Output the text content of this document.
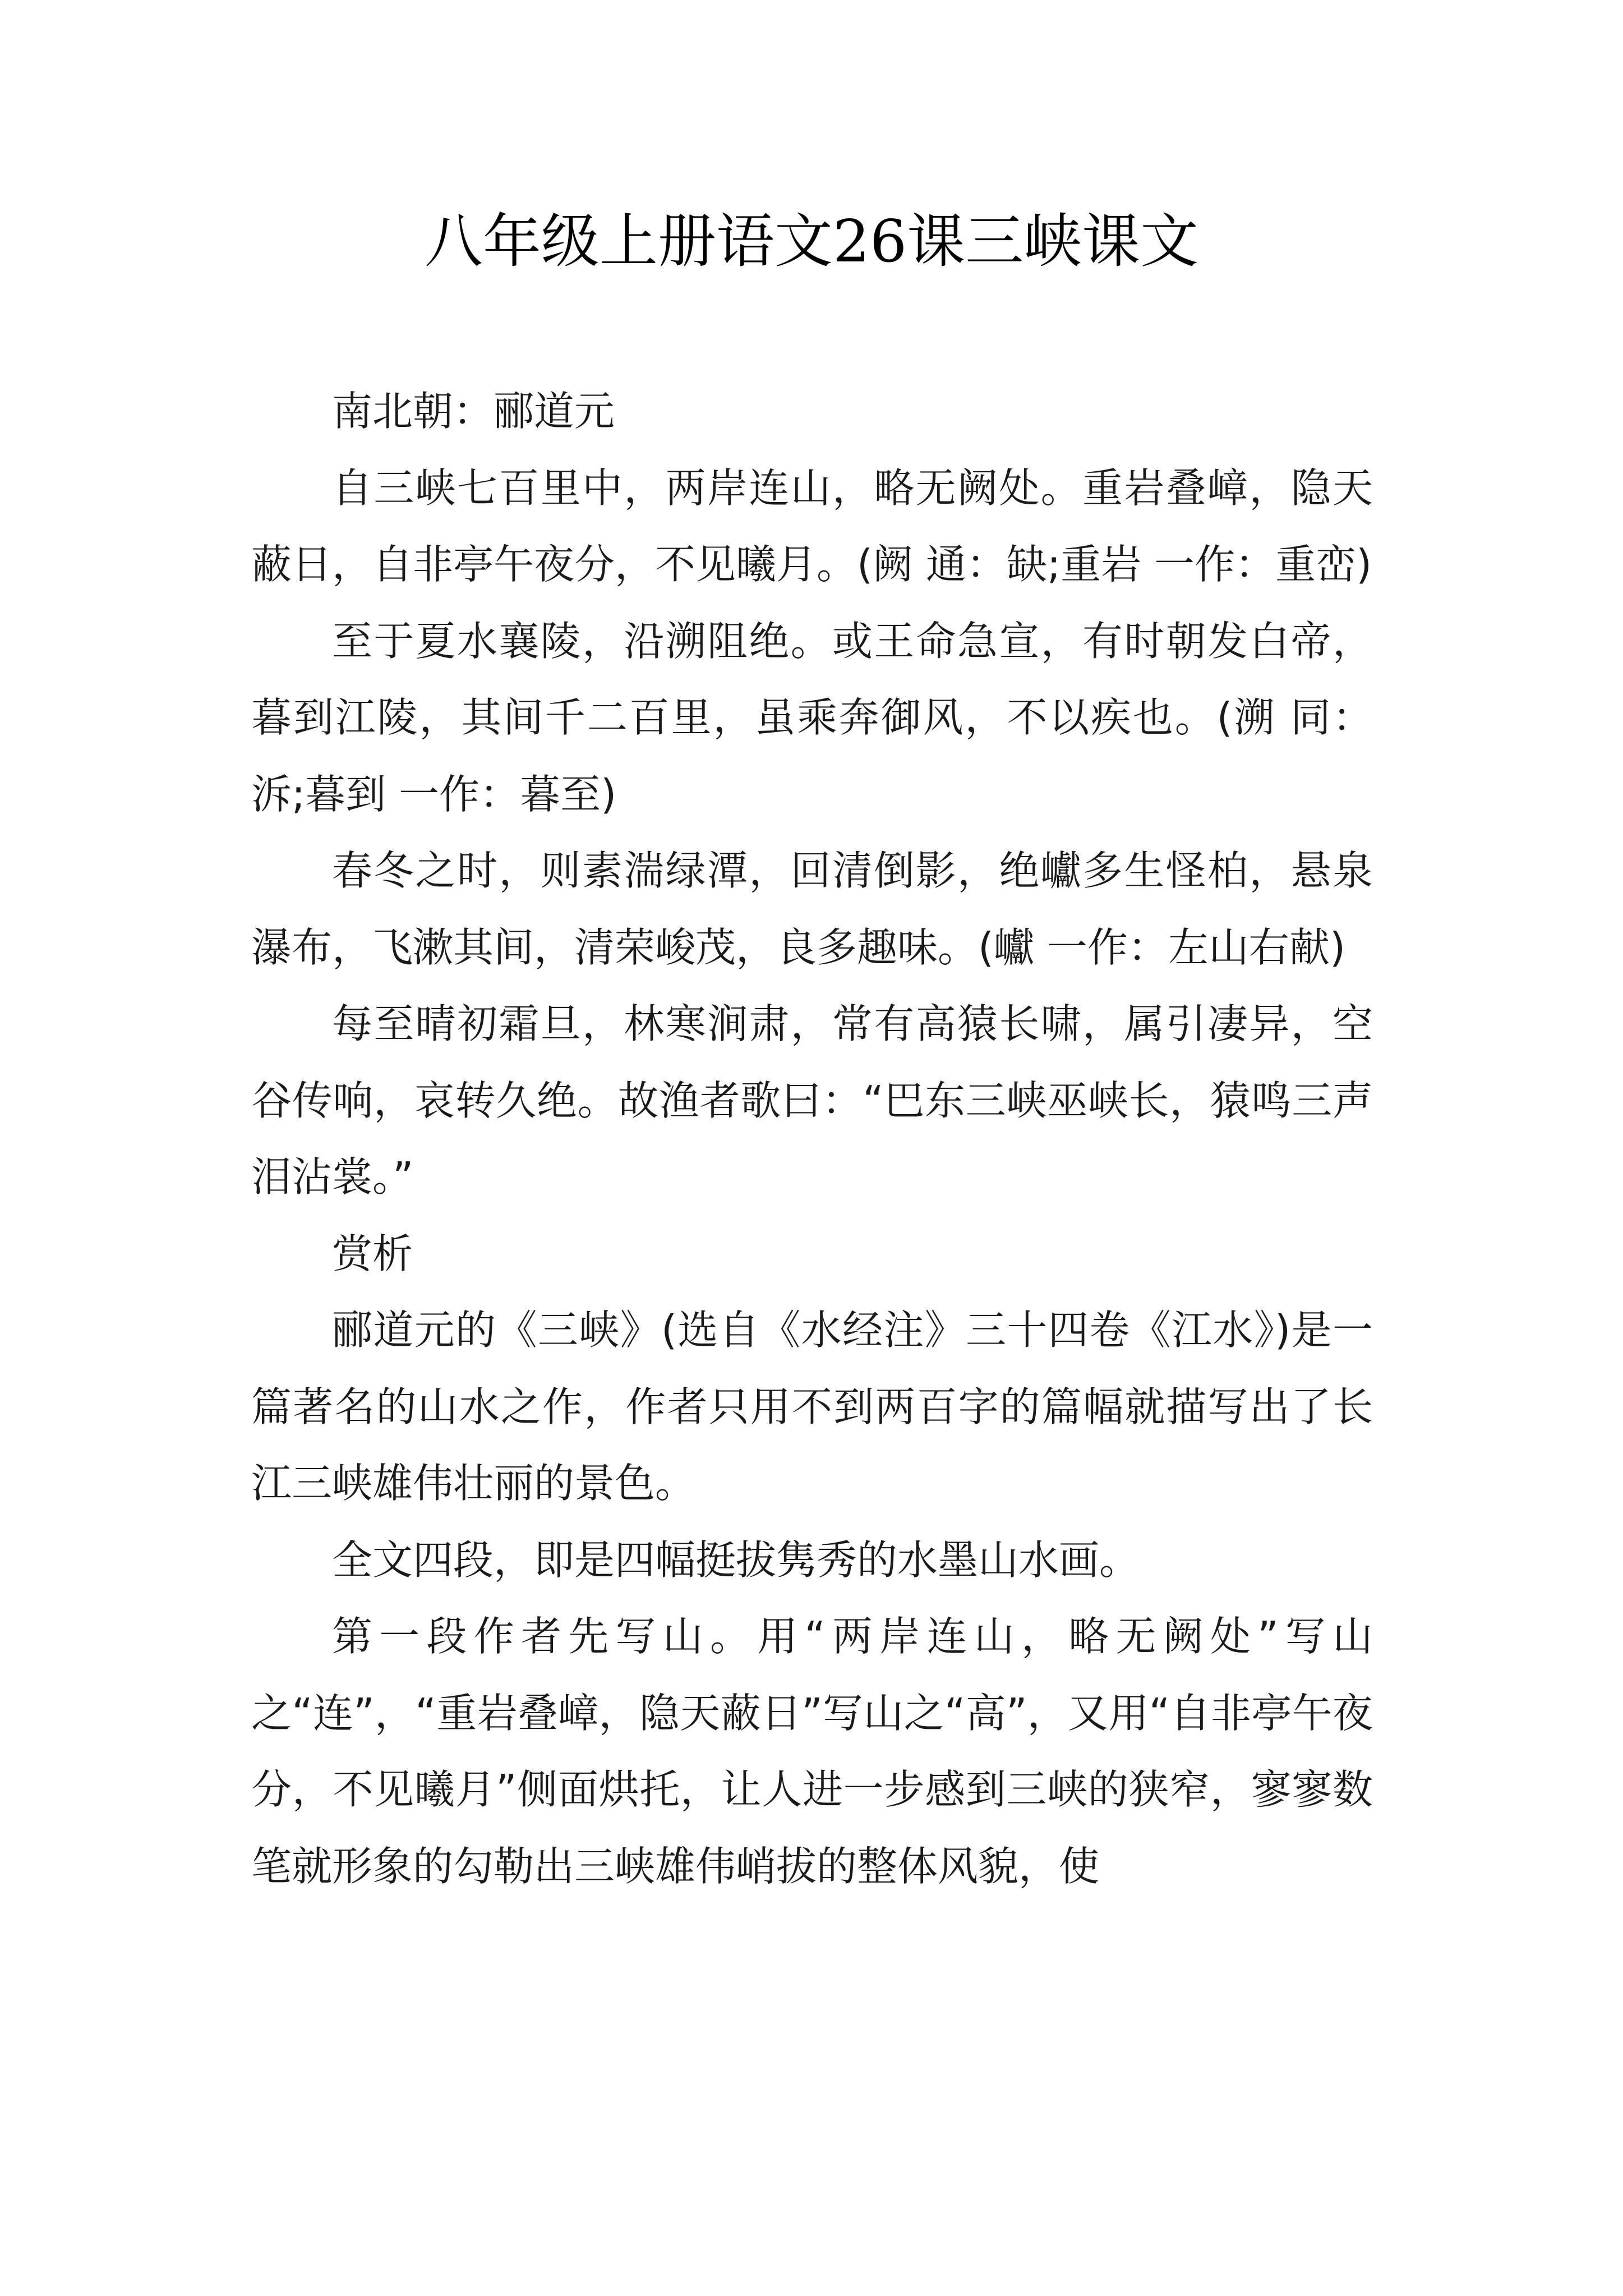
八年级上册语文26课三峡课文

南北朝：郦道元

自三峡七百里中，两岸连山，略无阙处。重岩叠嶂，隐天蔽日，自非亭午夜分，不见曦月。(阙 通：缺;重岩 一作：重峦)

至于夏水襄陵，沿溯阻绝。或王命急宣，有时朝发白帝，暮到江陵，其间千二百里，虽乘奔御风，不以疾也。(溯 同：泝;暮到 一作：暮至)

春冬之时，则素湍绿潭，回清倒影，绝巘多生怪柏，悬泉瀑布，飞漱其间，清荣峻茂，良多趣味。(巘 一作：左山右献)

每至晴初霜旦，林寒涧肃，常有高猿长啸，属引凄异，空谷传响，哀转久绝。故渔者歌曰：“巴东三峡巫峡长，猿鸣三声泪沾裳。”

赏析

郦道元的《三峡》(选自《水经注》三十四卷《江水》)是一篇著名的山水之作，作者只用不到两百字的篇幅就描写出了长江三峡雄伟壮丽的景色。

全文四段，即是四幅挺拔隽秀的水墨山水画。

第一段作者先写山。用“两岸连山，略无阙处”写山之“连”，“重岩叠嶂，隐天蔽日”写山之“高”，又用“自非亭午夜分，不见曦月”侧面烘托，让人进一步感到三峡的狭窄，寥寥数笔就形象的勾勒出三峡雄伟峭拔的整体风貌，使
